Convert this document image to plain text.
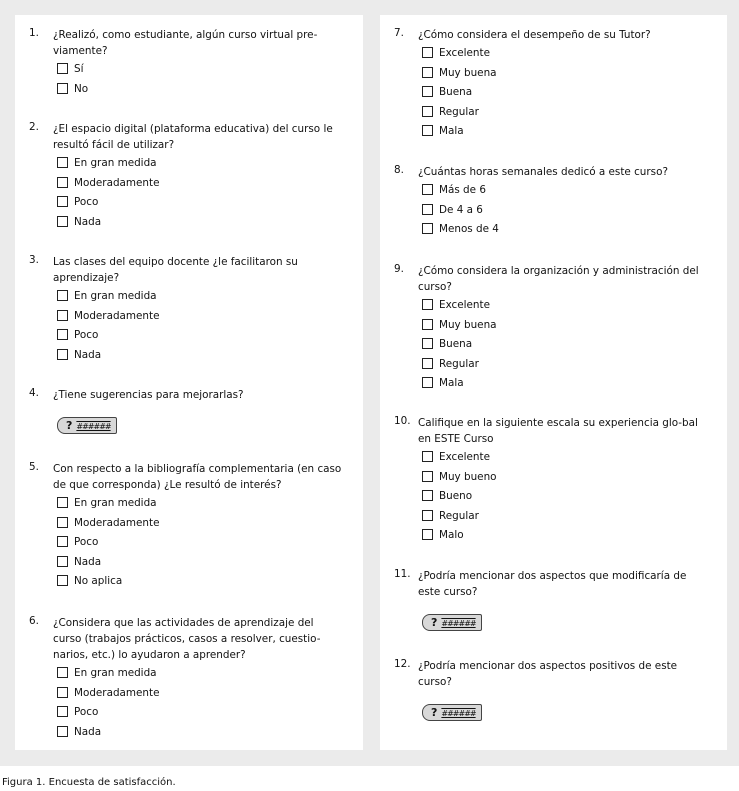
1. ¿Realizó, como estudiante, algún curso virtual pre-viamente?
Sí
No
2. ¿El espacio digital (plataforma educativa) del curso le resultó fácil de utilizar?
En gran medida
Moderadamente
Poco
Nada
3. Las clases del equipo docente ¿le facilitaron su aprendizaje?
En gran medida
Moderadamente
Poco
Nada
4. ¿Tiene sugerencias para mejorarlas?
? ######
5. Con respecto a la bibliografía complementaria (en caso de que corresponda) ¿Le resultó de interés?
En gran medida
Moderadamente
Poco
Nada
No aplica
6. ¿Considera que las actividades de aprendizaje del curso (trabajos prácticos, casos a resolver, cuestio-narios, etc.) lo ayudaron a aprender?
En gran medida
Moderadamente
Poco
Nada
7. ¿Cómo considera el desempeño de su Tutor?
Excelente
Muy buena
Buena
Regular
Mala
8. ¿Cuántas horas semanales dedicó a este curso?
Más de 6
De 4 a 6
Menos de 4
9. ¿Cómo considera la organización y administración del curso?
Excelente
Muy buena
Buena
Regular
Mala
10. Califique en la siguiente escala su experiencia glo-bal en ESTE Curso
Excelente
Muy bueno
Bueno
Regular
Malo
11. ¿Podría mencionar dos aspectos que modificaría de este curso?
? ######
12. ¿Podría mencionar dos aspectos positivos de este curso?
? ######
Figura 1. Encuesta de satisfacción.
